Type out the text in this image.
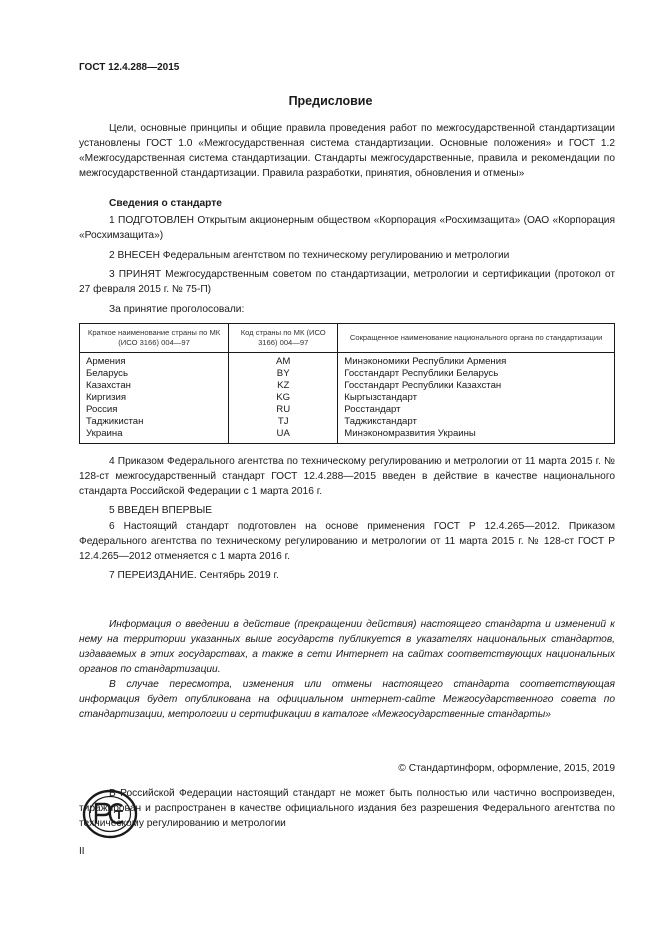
ГОСТ 12.4.288—2015
Предисловие
Цели, основные принципы и общие правила проведения работ по межгосударственной стандартизации установлены ГОСТ 1.0 «Межгосударственная система стандартизации. Основные положения» и ГОСТ 1.2 «Межгосударственная система стандартизации. Стандарты межгосударственные, правила и рекомендации по межгосударственной стандартизации. Правила разработки, принятия, обновления и отмены»
Сведения о стандарте
1 ПОДГОТОВЛЕН Открытым акционерным обществом «Корпорация «Росхимзащита» (ОАО «Корпорация «Росхимзащита»)
2 ВНЕСЕН Федеральным агентством по техническому регулированию и метрологии
3 ПРИНЯТ Межгосударственным советом по стандартизации, метрологии и сертификации (протокол от 27 февраля 2015 г. № 75-П)
За принятие проголосовали:
Краткое наименование страны по МК (ИСО 3166) 004—97	Код страны по МК (ИСО 3166) 004—97	Сокращенное наименование национального органа по стандартизации
Армения	AM	Минэкономики Республики Армения
Беларусь	BY	Госстандарт Республики Беларусь
Казахстан	KZ	Госстандарт Республики Казахстан
Киргизия	KG	Кыргызстандарт
Россия	RU	Росстандарт
Таджикистан	TJ	Таджикстандарт
Украина	UA	Минэкономразвития Украины
4 Приказом Федерального агентства по техническому регулированию и метрологии от 11 марта 2015 г. № 128-ст межгосударственный стандарт ГОСТ 12.4.288—2015 введен в действие в качестве национального стандарта Российской Федерации с 1 марта 2016 г.
5 ВВЕДЕН ВПЕРВЫЕ
6 Настоящий стандарт подготовлен на основе применения ГОСТ Р 12.4.265—2012. Приказом Федерального агентства по техническому регулированию и метрологии от 11 марта 2015 г. № 128-ст ГОСТ Р 12.4.265—2012 отменяется с 1 марта 2016 г.
7 ПЕРЕИЗДАНИЕ. Сентябрь 2019 г.
Информация о введении в действие (прекращении действия) настоящего стандарта и изменений к нему на территории указанных выше государств публикуется в указателях национальных стандартов, издаваемых в этих государствах, а также в сети Интернет на сайтах соответствующих национальных органов по стандартизации.
В случае пересмотра, изменения или отмены настоящего стандарта соответствующая информация будет опубликована на официальном интернет-сайте Межгосударственного совета по стандартизации, метрологии и сертификации в каталоге «Межгосударственные стандарты»
© Стандартинформ, оформление, 2015, 2019
В Российской Федерации настоящий стандарт не может быть полностью или частично воспроизведен, тиражирован и распространен в качестве официального издания без разрешения Федерального агентства по техническому регулированию и метрологии
II
